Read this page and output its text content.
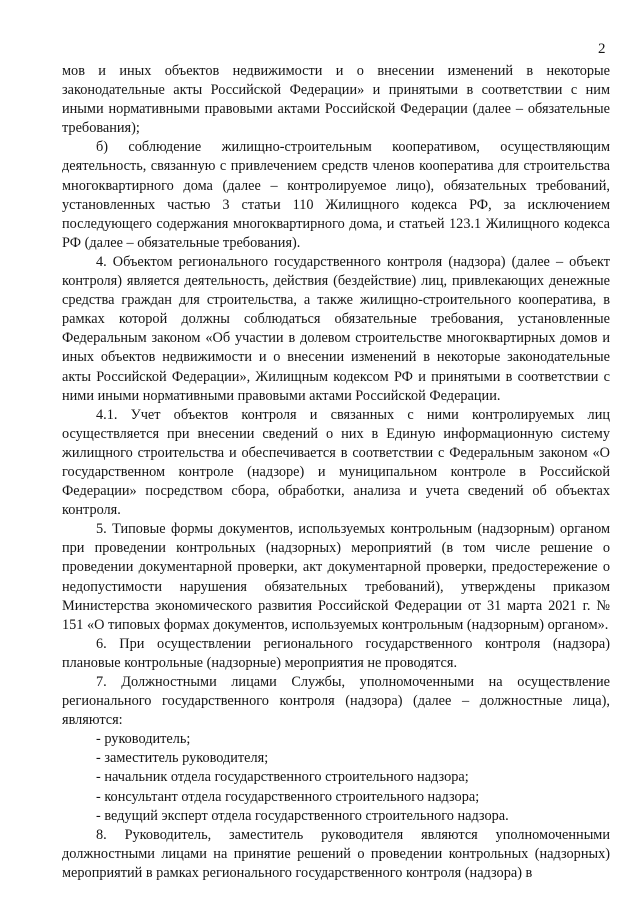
2

мов и иных объектов недвижимости и о внесении изменений в некоторые законодательные акты Российской Федерации» и принятыми в соответствии с ним иными нормативными правовыми актами Российской Федерации (далее – обязательные требования);

б) соблюдение жилищно-строительным кооперативом, осуществляющим деятельность, связанную с привлечением средств членов кооператива для строительства многоквартирного дома (далее – контролируемое лицо), обязательных требований, установленных частью 3 статьи 110 Жилищного кодекса РФ, за исключением последующего содержания многоквартирного дома, и статьей 123.1 Жилищного кодекса РФ (далее – обязательные требования).

4. Объектом регионального государственного контроля (надзора) (далее – объект контроля) является деятельность, действия (бездействие) лиц, привлекающих денежные средства граждан для строительства, а также жилищно-строительного кооператива, в рамках которой должны соблюдаться обязательные требования, установленные Федеральным законом «Об участии в долевом строительстве многоквартирных домов и иных объектов недвижимости и о внесении изменений в некоторые законодательные акты Российской Федерации», Жилищным кодексом РФ и принятыми в соответствии с ними иными нормативными правовыми актами Российской Федерации.

4.1. Учет объектов контроля и связанных с ними контролируемых лиц осуществляется при внесении сведений о них в Единую информационную систему жилищного строительства и обеспечивается в соответствии с Федеральным законом «О государственном контроле (надзоре) и муниципальном контроле в Российской Федерации» посредством сбора, обработки, анализа и учета сведений об объектах контроля.

5. Типовые формы документов, используемых контрольным (надзорным) органом при проведении контрольных (надзорных) мероприятий (в том числе решение о проведении документарной проверки, акт документарной проверки, предостережение о недопустимости нарушения обязательных требований), утверждены приказом Министерства экономического развития Российской Федерации от 31 марта 2021 г. № 151 «О типовых формах документов, используемых контрольным (надзорным) органом».

6. При осуществлении регионального государственного контроля (надзора) плановые контрольные (надзорные) мероприятия не проводятся.

7. Должностными лицами Службы, уполномоченными на осуществление регионального государственного контроля (надзора) (далее – должностные лица), являются:

- руководитель;

- заместитель руководителя;

- начальник отдела государственного строительного надзора;

- консультант отдела государственного строительного надзора;

- ведущий эксперт отдела государственного строительного надзора.

8. Руководитель, заместитель руководителя являются уполномоченными должностными лицами на принятие решений о проведении контрольных (надзорных) мероприятий в рамках регионального государственного контроля (надзора) в
